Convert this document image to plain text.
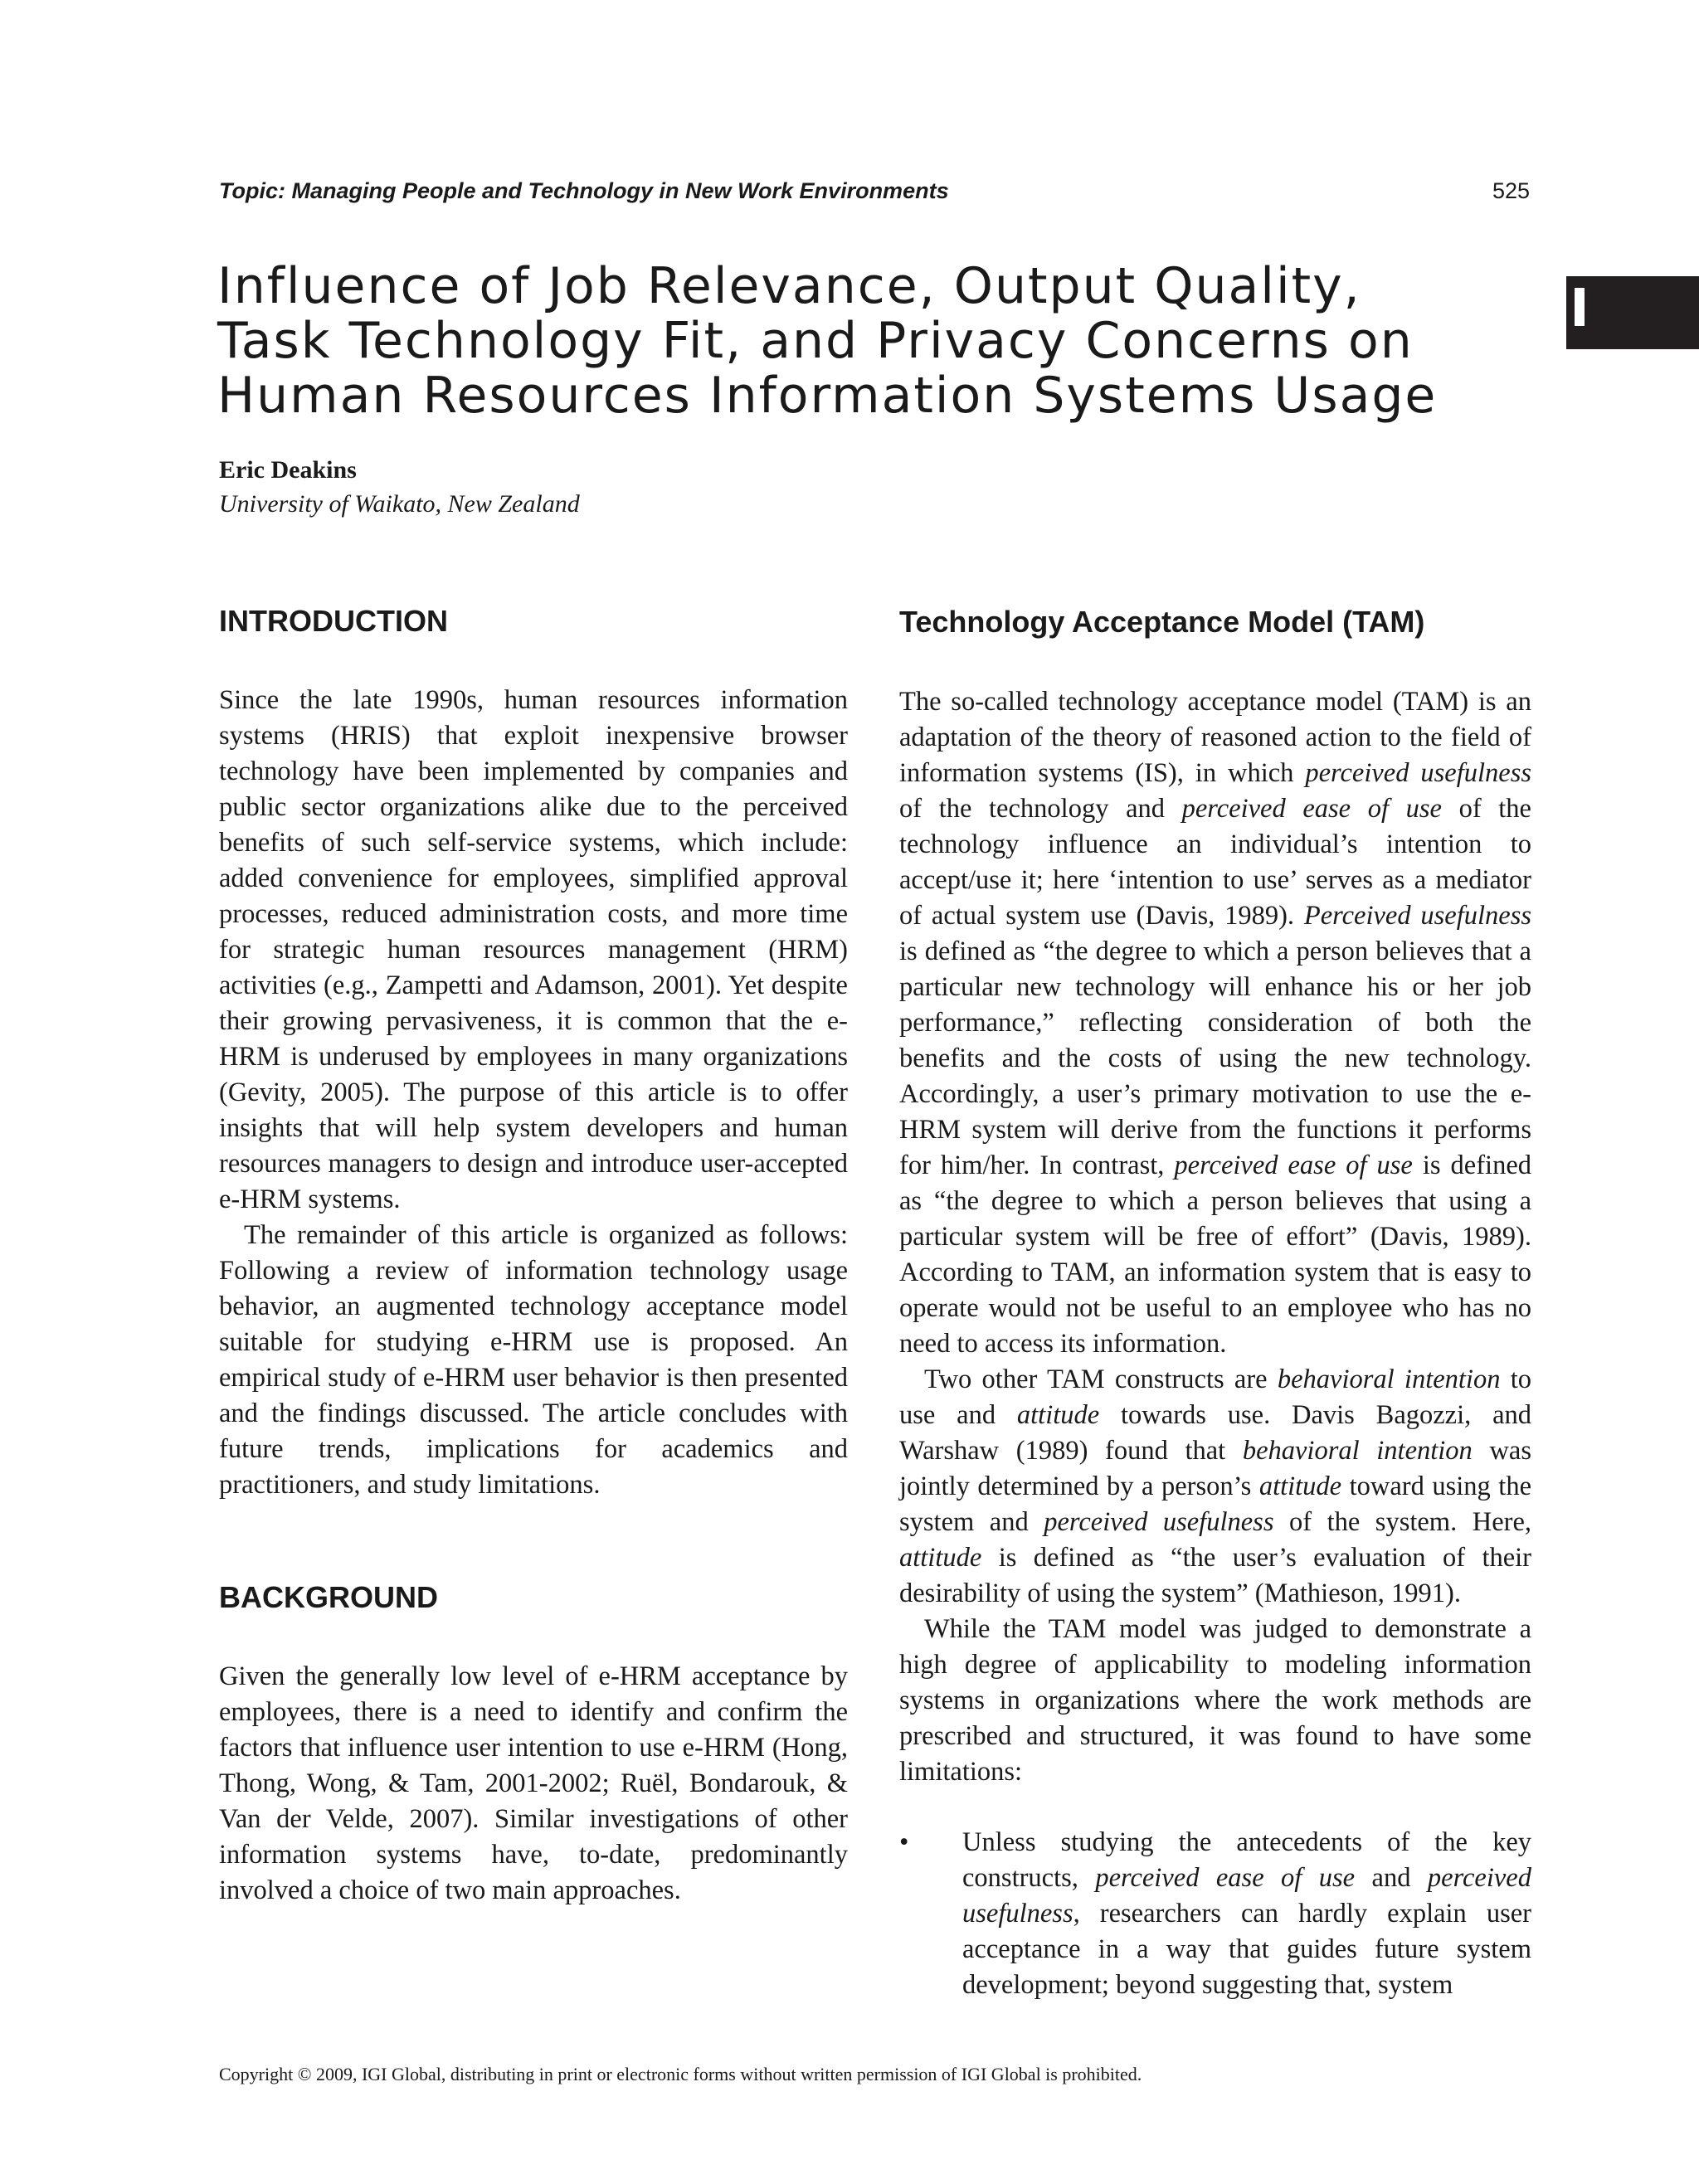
Topic: Managing People and Technology in New Work Environments	525
Influence of Job Relevance, Output Quality,
Task Technology Fit, and Privacy Concerns on
Human Resources Information Systems Usage
Eric Deakins
University of Waikato, New Zealand
INTRODUCTION

Since the late 1990s, human resources information systems (HRIS) that exploit inexpensive browser technology have been implemented by companies and public sector organizations alike due to the perceived benefits of such self-service systems, which include: added convenience for employees, simplified approval processes, reduced administration costs, and more time for strategic human resources management (HRM) activities (e.g., Zampetti and Adamson, 2001). Yet despite their growing pervasiveness, it is common that the e-HRM is underused by employees in many organizations (Gevity, 2005). The purpose of this article is to offer insights that will help system developers and human resources managers to design and introduce user-accepted e-HRM systems.

The remainder of this article is organized as follows: Following a review of information technology usage behavior, an augmented technology acceptance model suitable for studying e-HRM use is proposed. An empirical study of e-HRM user behavior is then presented and the findings discussed. The article concludes with future trends, implications for academics and practitioners, and study limitations.

BACKGROUND

Given the generally low level of e-HRM acceptance by employees, there is a need to identify and confirm the factors that influence user intention to use e-HRM (Hong, Thong, Wong, & Tam, 2001-2002; Ruël, Bondarouk, & Van der Velde, 2007). Similar investigations of other information systems have, to-date, predominantly involved a choice of two main approaches.

Technology Acceptance Model (TAM)

The so-called technology acceptance model (TAM) is an adaptation of the theory of reasoned action to the field of information systems (IS), in which perceived usefulness of the technology and perceived ease of use of the technology influence an individual’s intention to accept/use it; here ‘intention to use’ serves as a mediator of actual system use (Davis, 1989). Perceived usefulness is defined as “the degree to which a person believes that a particular new technology will enhance his or her job performance,” reflecting consideration of both the benefits and the costs of using the new technology. Accordingly, a user’s primary motivation to use the e-HRM system will derive from the functions it performs for him/her. In contrast, perceived ease of use is defined as “the degree to which a person believes that using a particular system will be free of effort” (Davis, 1989). According to TAM, an information system that is easy to operate would not be useful to an employee who has no need to access its information.

Two other TAM constructs are behavioral intention to use and attitude towards use. Davis Bagozzi, and Warshaw (1989) found that behavioral intention was jointly determined by a person’s attitude toward using the system and perceived usefulness of the system. Here, attitude is defined as “the user’s evaluation of their desirability of using the system” (Mathieson, 1991).

While the TAM model was judged to demonstrate a high degree of applicability to modeling information systems in organizations where the work methods are prescribed and structured, it was found to have some limitations:

• Unless studying the antecedents of the key constructs, perceived ease of use and perceived usefulness, researchers can hardly explain user acceptance in a way that guides future system development; beyond suggesting that, system
Copyright © 2009, IGI Global, distributing in print or electronic forms without written permission of IGI Global is prohibited.
